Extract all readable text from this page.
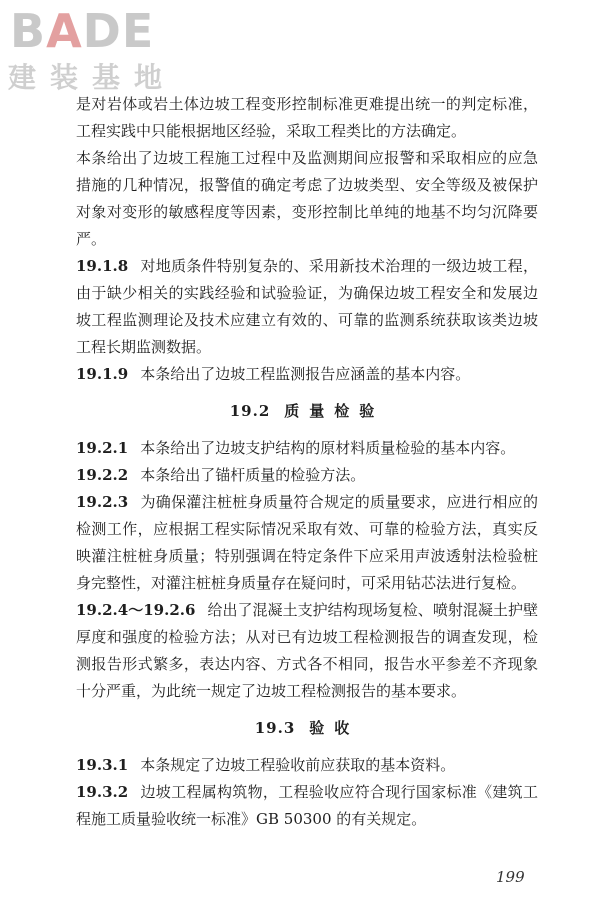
BADE
建装基地

是对岩体或岩土体边坡工程变形控制标准更难提出统一的判定标准，工程实践中只能根据地区经验，采取工程类比的方法确定。

本条给出了边坡工程施工过程中及监测期间应报警和采取相应的应急措施的几种情况，报警值的确定考虑了边坡类型、安全等级及被保护对象对变形的敏感程度等因素，变形控制比单纯的地基不均匀沉降要严。

19.1.8 对地质条件特别复杂的、采用新技术治理的一级边坡工程，由于缺少相关的实践经验和试验验证，为确保边坡工程安全和发展边坡工程监测理论及技术应建立有效的、可靠的监测系统获取该类边坡工程长期监测数据。

19.1.9 本条给出了边坡工程监测报告应涵盖的基本内容。

19.2 质量检验

19.2.1 本条给出了边坡支护结构的原材料质量检验的基本内容。

19.2.2 本条给出了锚杆质量的检验方法。

19.2.3 为确保灌注桩桩身质量符合规定的质量要求，应进行相应的检测工作，应根据工程实际情况采取有效、可靠的检验方法，真实反映灌注桩桩身质量；特别强调在特定条件下应采用声波透射法检验桩身完整性，对灌注桩桩身质量存在疑问时，可采用钻芯法进行复检。

19.2.4～19.2.6 给出了混凝土支护结构现场复检、喷射混凝土护壁厚度和强度的检验方法；从对已有边坡工程检测报告的调查发现，检测报告形式繁多，表达内容、方式各不相同，报告水平参差不齐现象十分严重，为此统一规定了边坡工程检测报告的基本要求。

19.3 验收

19.3.1 本条规定了边坡工程验收前应获取的基本资料。

19.3.2 边坡工程属构筑物，工程验收应符合现行国家标准《建筑工程施工质量验收统一标准》GB 50300 的有关规定。

199
